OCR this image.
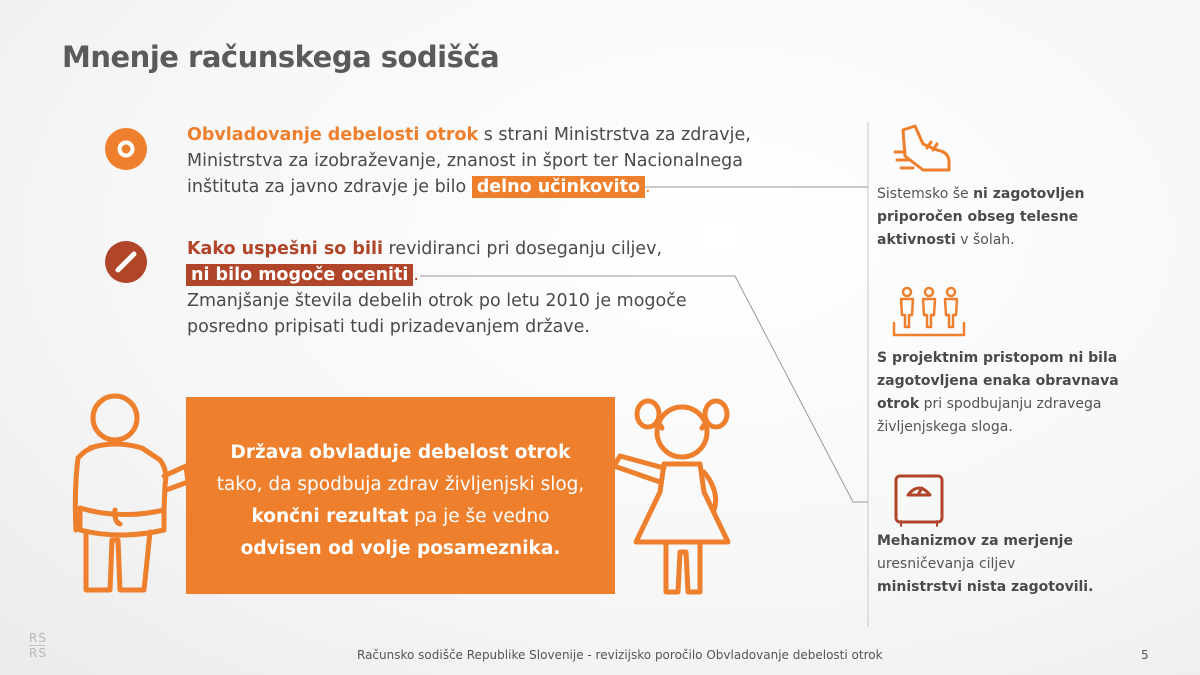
Mnenje računskega sodišča
Obvladovanje debelosti otrok s strani Ministrstva za zdravje,
Ministrstva za izobraževanje, znanost in šport ter Nacionalnega
inštituta za javno zdravje je bilo delno učinkovito .
Kako uspešni so bili revidiranci pri doseganju ciljev,
ni bilo mogoče oceniti .
Zmanjšanje števila debelih otrok po letu 2010 je mogoče
posredno pripisati tudi prizadevanjem države.
Država obvladuje debelost otrok
tako, da spodbuja zdrav življenjski slog,
končni rezultat pa je še vedno
odvisen od volje posameznika.
Sistemsko še ni zagotovljen
priporočen obseg telesne
aktivnosti v šolah.
S projektnim pristopom ni bila
zagotovljena enaka obravnava
otrok pri spodbujanju zdravega
življenjskega sloga.
Mehanizmov za merjenje
uresničevanja ciljev
ministrstvi nista zagotovili.
RS
RS	Računsko sodišče Republike Slovenije - revizijsko poročilo Obvladovanje debelosti otrok	5
